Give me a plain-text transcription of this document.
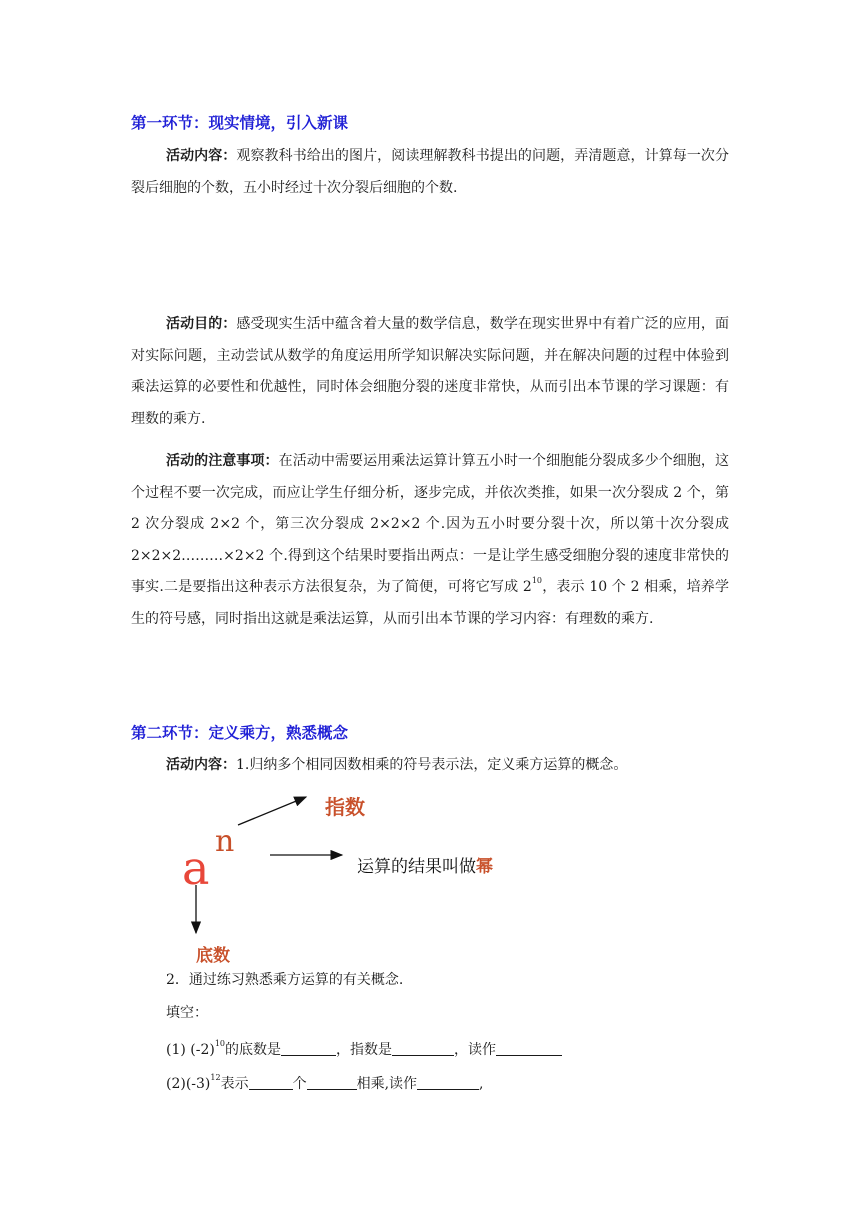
第一环节：现实情境，引入新课

活动内容：观察教科书给出的图片，阅读理解教科书提出的问题，弄清题意，计算每一次分裂后细胞的个数，五小时经过十次分裂后细胞的个数.

活动目的：感受现实生活中蕴含着大量的数学信息，数学在现实世界中有着广泛的应用，面对实际问题，主动尝试从数学的角度运用所学知识解决实际问题，并在解决问题的过程中体验到乘法运算的必要性和优越性，同时体会细胞分裂的迷度非常快，从而引出本节课的学习课题：有理数的乘方.

活动的注意事项：在活动中需要运用乘法运算计算五小时一个细胞能分裂成多少个细胞，这个过程不要一次完成，而应让学生仔细分析，逐步完成，并依次类推，如果一次分裂成 2 个，第 2 次分裂成 2×2 个，第三次分裂成 2×2×2 个.因为五小时要分裂十次，所以第十次分裂成 2×2×2………×2×2 个.得到这个结果时要指出两点：一是让学生感受细胞分裂的速度非常快的事实.二是要指出这种表示方法很复杂，为了简便，可将它写成 $2^{10}$，表示 10 个 2 相乘，培养学生的符号感，同时指出这就是乘法运算，从而引出本节课的学习内容：有理数的乘方.

第二环节：定义乘方，熟悉概念

活动内容：1.归纳多个相同因数相乘的符号表示法，定义乘方运算的概念。

a n
指数
运算的结果叫做幂
底数
2．通过练习熟悉乘方运算的有关概念.
填空：
(1) $(-2)^{10}$的底数是	，指数是	，读作
$(2)(-3)^{12}$表示	个	相乘,读作	,
